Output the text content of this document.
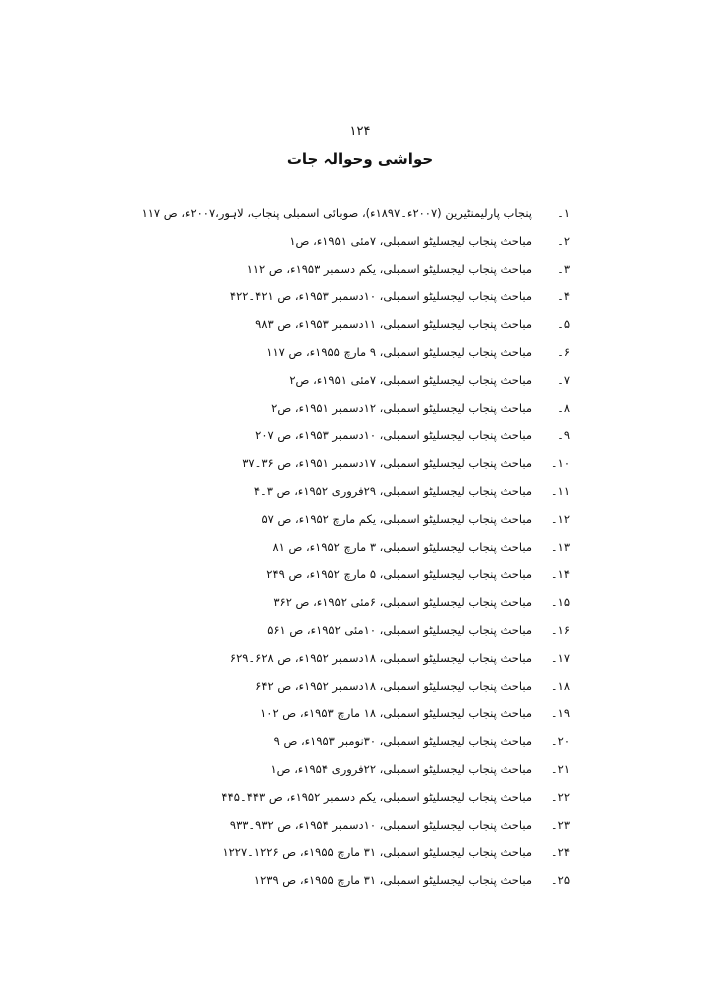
۱۲۴
حواشی وحوالہ جات
۱۔
پنجاب پارلیمنٹیرین (۲۰۰۷ء۔۱۸۹۷ء)، صوبائی اسمبلی پنجاب، لاہور،۲۰۰۷ء، ص ۱۱۷
۲۔
مباحث پنجاب لیجسلیٹو اسمبلی، ۷مئی ۱۹۵۱ء، ص۱
۳۔
مباحث پنجاب لیجسلیٹو اسمبلی، یکم دسمبر ۱۹۵۳ء، ص ۱۱۲
۴۔
مباحث پنجاب لیجسلیٹو اسمبلی، ۱۰دسمبر ۱۹۵۳ء، ص ۴۲۱۔۴۲۲
۵۔
مباحث پنجاب لیجسلیٹو اسمبلی، ۱۱دسمبر ۱۹۵۳ء، ص ۹۸۳
۶۔
مباحث پنجاب لیجسلیٹو اسمبلی، ۹ مارچ ۱۹۵۵ء، ص ۱۱۷
۷۔
مباحث پنجاب لیجسلیٹو اسمبلی، ۷مئی ۱۹۵۱ء، ص۲
۸۔
مباحث پنجاب لیجسلیٹو اسمبلی، ۱۲دسمبر ۱۹۵۱ء، ص۲
۹۔
مباحث پنجاب لیجسلیٹو اسمبلی، ۱۰دسمبر ۱۹۵۳ء، ص ۲۰۷
۱۰۔
مباحث پنجاب لیجسلیٹو اسمبلی، ۱۷دسمبر ۱۹۵۱ء، ص ۳۶۔۳۷
۱۱۔
مباحث پنجاب لیجسلیٹو اسمبلی، ۲۹فروری ۱۹۵۲ء، ص ۳۔۴
۱۲۔
مباحث پنجاب لیجسلیٹو اسمبلی، یکم مارچ ۱۹۵۲ء، ص ۵۷
۱۳۔
مباحث پنجاب لیجسلیٹو اسمبلی، ۳ مارچ ۱۹۵۲ء، ص ۸۱
۱۴۔
مباحث پنجاب لیجسلیٹو اسمبلی، ۵ مارچ ۱۹۵۲ء، ص ۲۴۹
۱۵۔
مباحث پنجاب لیجسلیٹو اسمبلی، ۶مئی ۱۹۵۲ء، ص ۳۶۲
۱۶۔
مباحث پنجاب لیجسلیٹو اسمبلی، ۱۰مئی ۱۹۵۲ء، ص ۵۶۱
۱۷۔
مباحث پنجاب لیجسلیٹو اسمبلی، ۱۸دسمبر ۱۹۵۲ء، ص ۶۲۸۔۶۲۹
۱۸۔
مباحث پنجاب لیجسلیٹو اسمبلی، ۱۸دسمبر ۱۹۵۲ء، ص ۶۴۲
۱۹۔
مباحث پنجاب لیجسلیٹو اسمبلی، ۱۸ مارچ ۱۹۵۳ء، ص ۱۰۲
۲۰۔
مباحث پنجاب لیجسلیٹو اسمبلی، ۳۰نومبر ۱۹۵۳ء، ص ۹
۲۱۔
مباحث پنجاب لیجسلیٹو اسمبلی، ۲۲فروری ۱۹۵۴ء، ص۱
۲۲۔
مباحث پنجاب لیجسلیٹو اسمبلی، یکم دسمبر ۱۹۵۲ء، ص ۴۴۳۔۴۴۵
۲۳۔
مباحث پنجاب لیجسلیٹو اسمبلی، ۱۰دسمبر ۱۹۵۴ء، ص ۹۳۲۔۹۳۳
۲۴۔
مباحث پنجاب لیجسلیٹو اسمبلی، ۳۱ مارچ ۱۹۵۵ء، ص ۱۲۲۶۔۱۲۲۷
۲۵۔
مباحث پنجاب لیجسلیٹو اسمبلی، ۳۱ مارچ ۱۹۵۵ء، ص ۱۲۳۹
